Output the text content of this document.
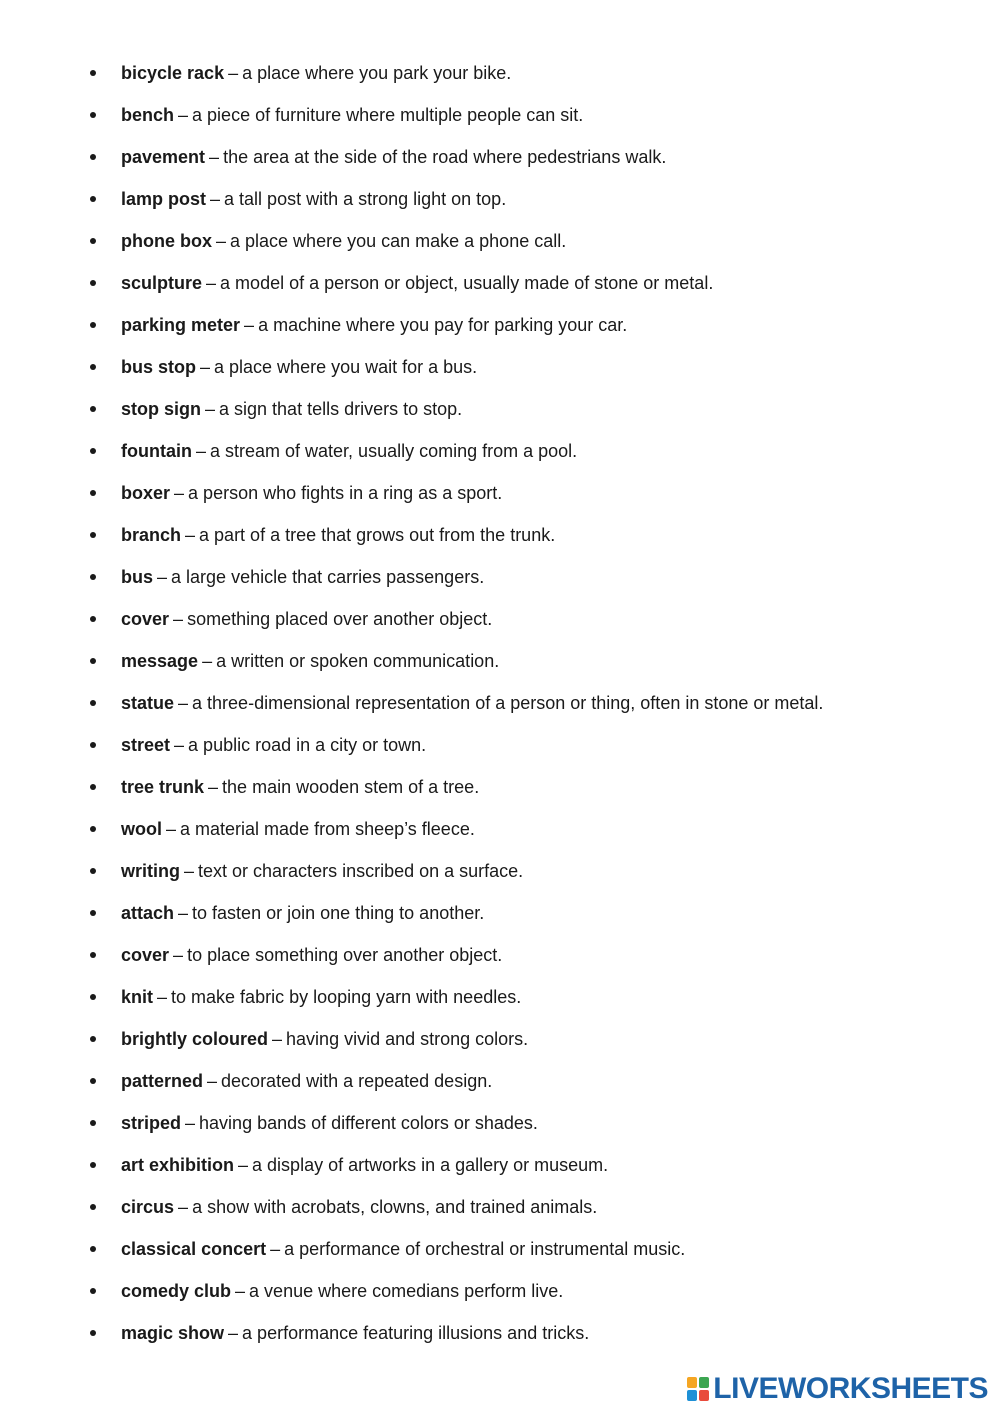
bicycle rack – a place where you park your bike.
bench – a piece of furniture where multiple people can sit.
pavement – the area at the side of the road where pedestrians walk.
lamp post – a tall post with a strong light on top.
phone box – a place where you can make a phone call.
sculpture – a model of a person or object, usually made of stone or metal.
parking meter – a machine where you pay for parking your car.
bus stop – a place where you wait for a bus.
stop sign – a sign that tells drivers to stop.
fountain – a stream of water, usually coming from a pool.
boxer – a person who fights in a ring as a sport.
branch – a part of a tree that grows out from the trunk.
bus – a large vehicle that carries passengers.
cover – something placed over another object.
message – a written or spoken communication.
statue – a three-dimensional representation of a person or thing, often in stone or metal.
street – a public road in a city or town.
tree trunk – the main wooden stem of a tree.
wool – a material made from sheep’s fleece.
writing – text or characters inscribed on a surface.
attach – to fasten or join one thing to another.
cover – to place something over another object.
knit – to make fabric by looping yarn with needles.
brightly coloured – having vivid and strong colors.
patterned – decorated with a repeated design.
striped – having bands of different colors or shades.
art exhibition – a display of artworks in a gallery or museum.
circus – a show with acrobats, clowns, and trained animals.
classical concert – a performance of orchestral or instrumental music.
comedy club – a venue where comedians perform live.
magic show – a performance featuring illusions and tricks.
LIVEWORKSHEETS
